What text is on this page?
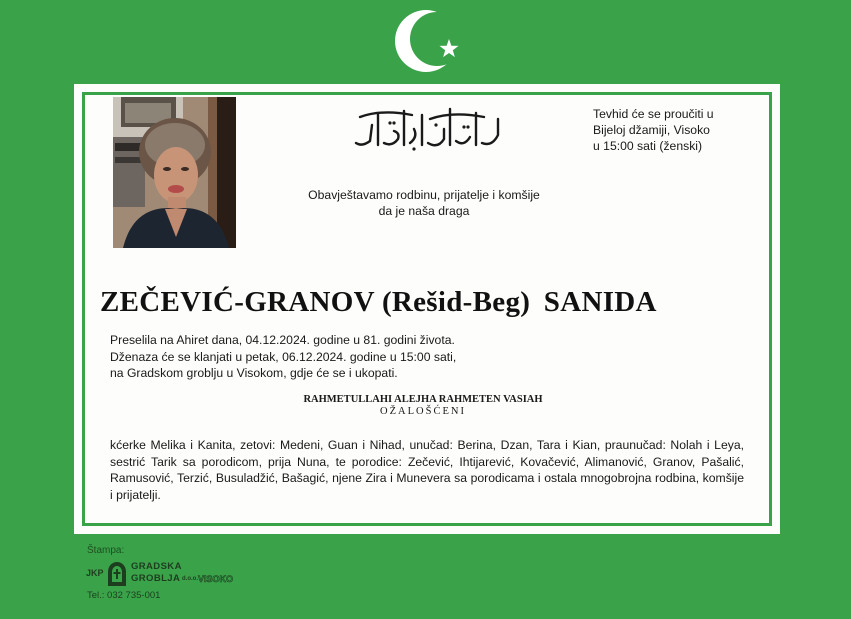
Tevhid će se proučiti u
Bijeloj džamiji, Visoko
u 15:00 sati (ženski)
Obavještavamo rodbinu, prijatelje i komšije
da je naša draga
ZEČEVIĆ-GRANOV (Rešid-Beg) SANIDA
Preselila na Ahiret dana, 04.12.2024. godine u 81. godini života.
Dženaza će se klanjati u petak, 06.12.2024. godine u 15:00 sati,
na Gradskom groblju u Visokom, gdje će se i ukopati.
RAHMETULLAHI ALEJHA RAHMETEN VASIAH
OŽALOŠĆENI
kćerke Melika i Kanita, zetovi: Medeni, Guan i Nihad, unučad: Berina, Dzan, Tara i Kian, praunučad: Nolah i Leya, sestrić Tarik sa porodicom, prija Nuna, te porodice: Zečević, Ihtijarević, Kovačević, Alimanović, Granov, Pašalić, Ramusović, Terzić, Busuladžić, Bašagić, njene Zira i Munevera sa porodicama i ostala mnogobrojna rodbina, komšije i prijatelji.
Štampa:
JKP
GRADSKA
GROBLJA d.o.o. VISOKO
Tel.: 032 735-001
